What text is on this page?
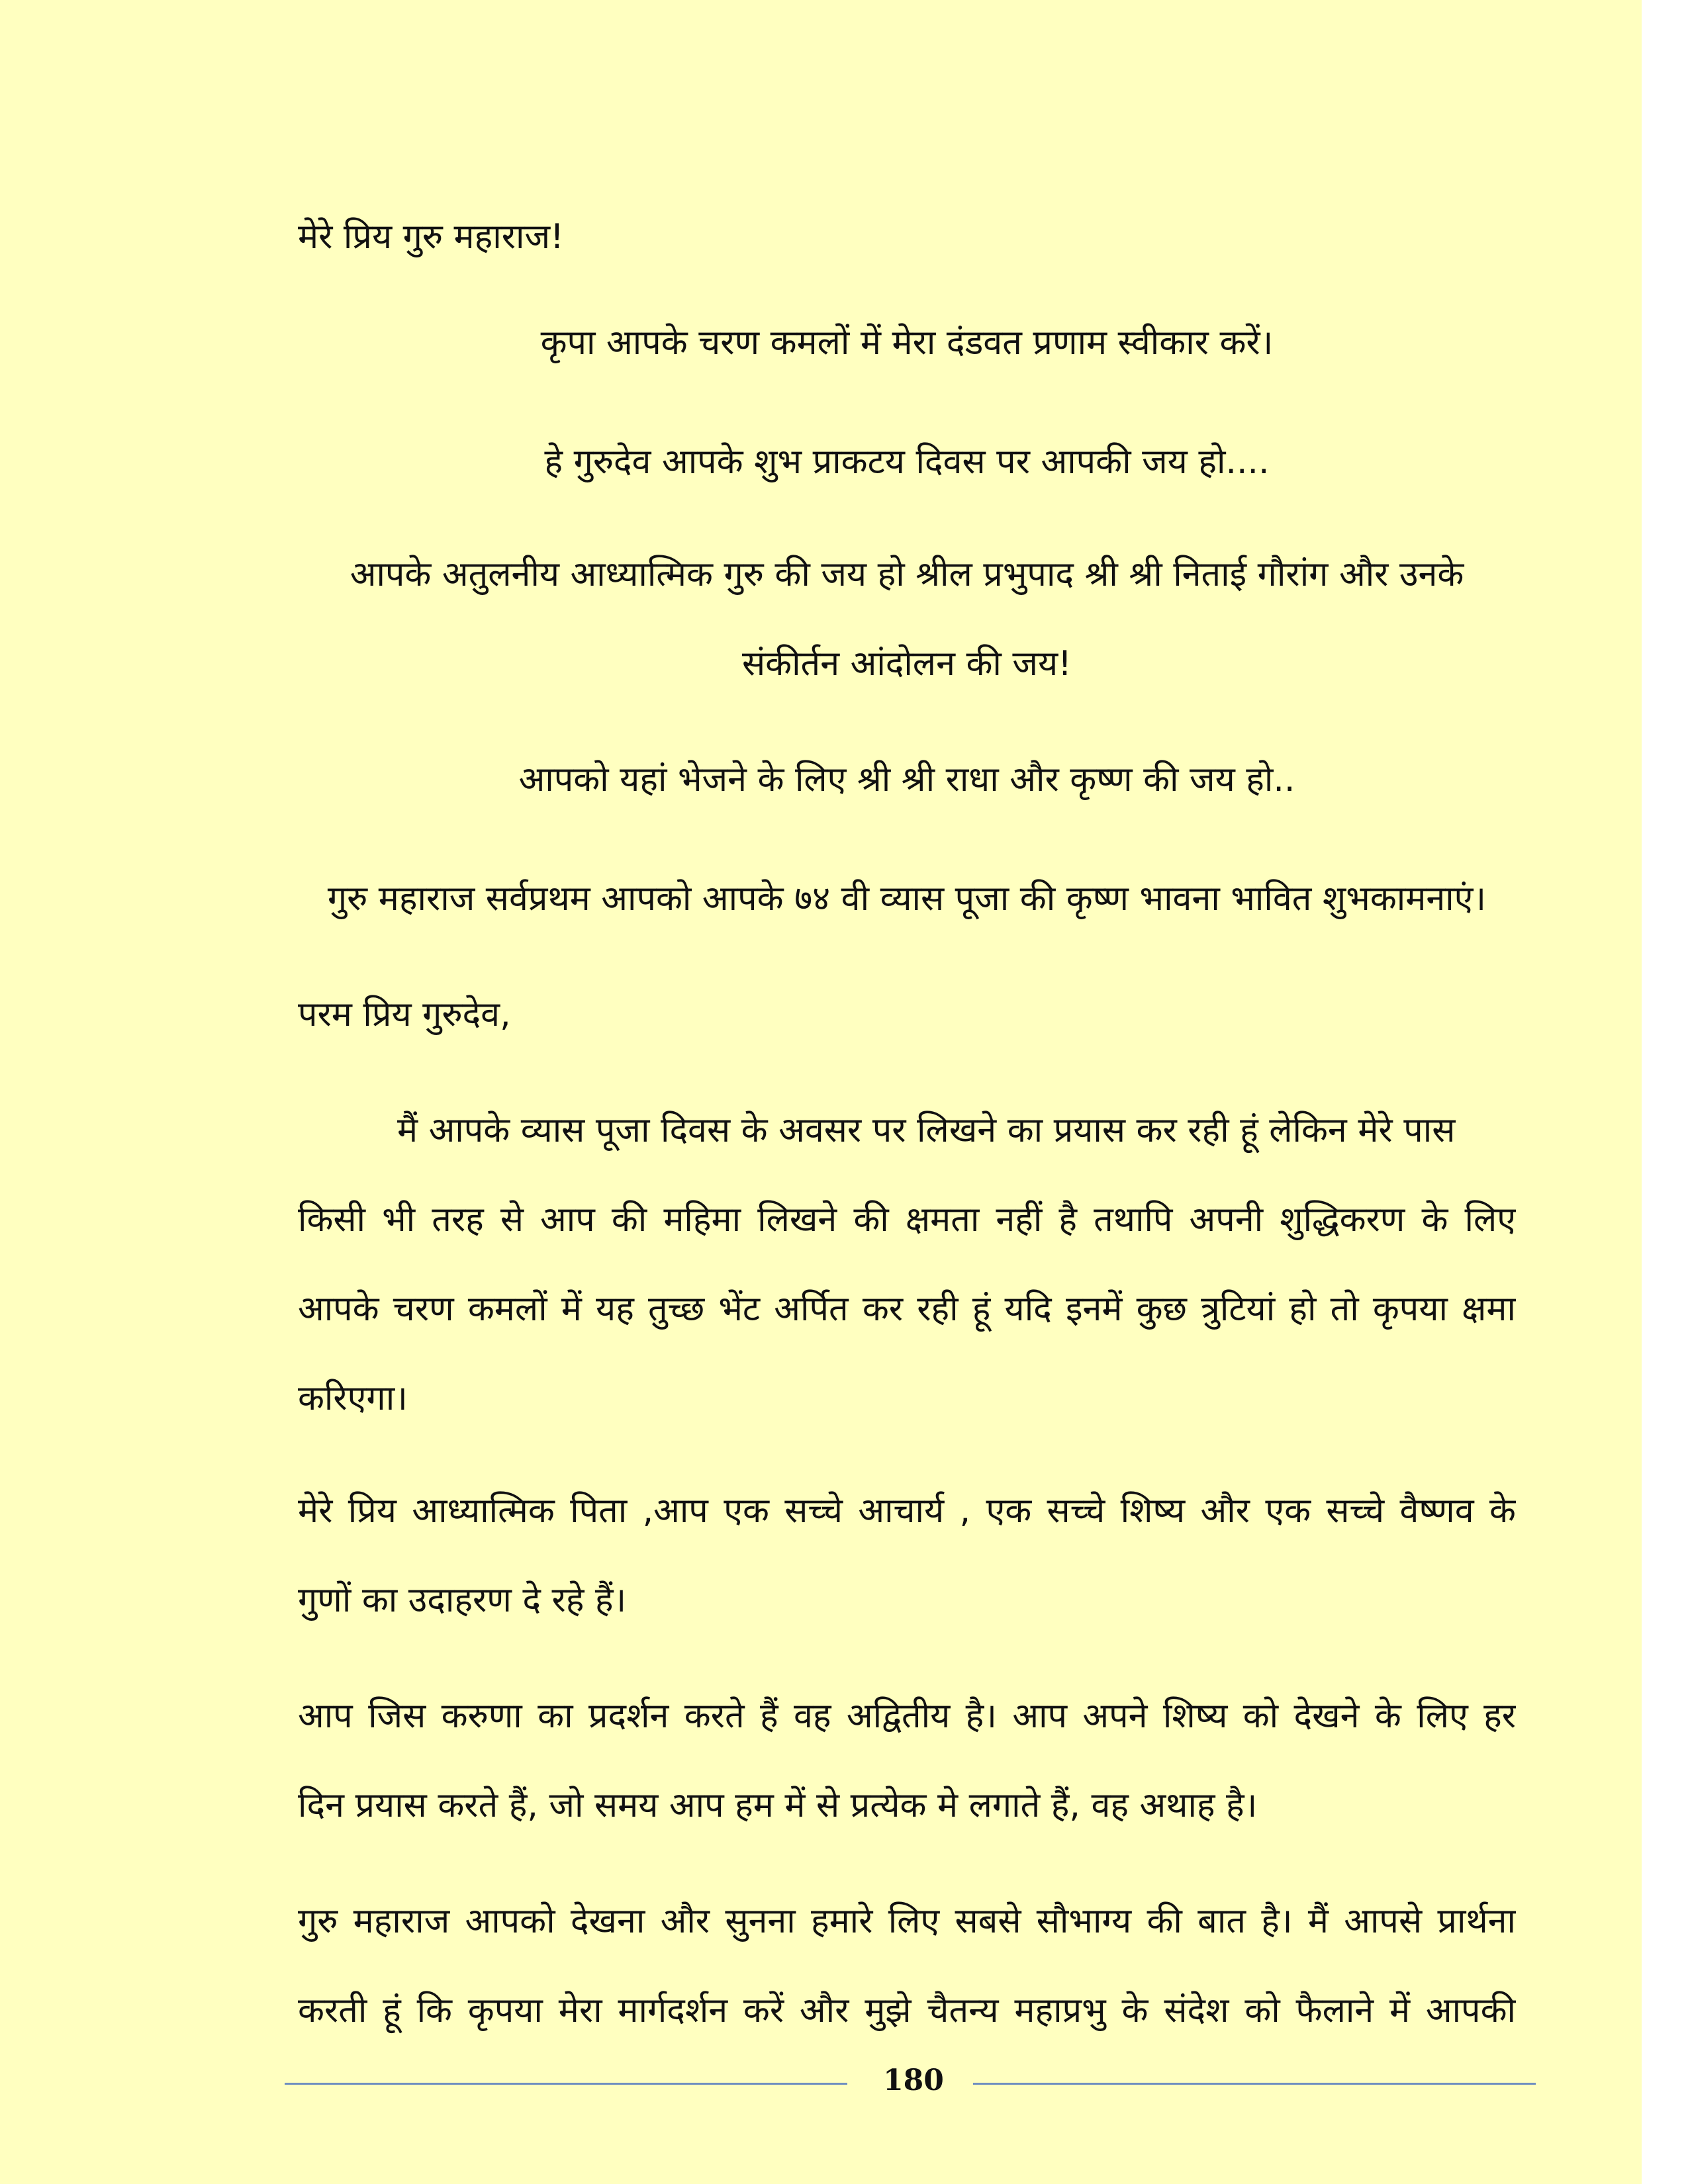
मेरे प्रिय गुरु महाराज!
कृपा आपके चरण कमलों में मेरा दंडवत प्रणाम स्वीकार करें।
हे गुरुदेव आपके शुभ प्राकटय दिवस पर आपकी जय हो....
आपके अतुलनीय आध्यात्मिक गुरु की जय हो श्रील प्रभुपाद श्री श्री निताई गौरांग और उनके
संकीर्तन आंदोलन की जय!
आपको यहां भेजने के लिए श्री श्री राधा और कृष्ण की जय हो..
गुरु महाराज सर्वप्रथम आपको आपके ७४ वी व्यास पूजा की कृष्ण भावना भावित शुभकामनाएं।
परम प्रिय गुरुदेव,
मैं आपके व्यास पूजा दिवस के अवसर पर लिखने का प्रयास कर रही हूं लेकिन मेरे पास
किसी भी तरह से आप की महिमा लिखने की क्षमता नहीं है तथापि अपनी शुद्धिकरण के लिए
आपके चरण कमलों में यह तुच्छ भेंट अर्पित कर रही हूं यदि इनमें कुछ त्रुटियां हो तो कृपया क्षमा
करिएगा।
मेरे प्रिय आध्यात्मिक पिता ,आप एक सच्चे आचार्य , एक सच्चे शिष्य और एक सच्चे वैष्णव के
गुणों का उदाहरण दे रहे हैं।
आप जिस करुणा का प्रदर्शन करते हैं वह अद्वितीय है। आप अपने शिष्य को देखने के लिए हर
दिन प्रयास करते हैं, जो समय आप हम में से प्रत्येक मे लगाते हैं, वह अथाह है।
गुरु महाराज आपको देखना और सुनना हमारे लिए सबसे सौभाग्य की बात है। मैं आपसे प्रार्थना
करती हूं कि कृपया मेरा मार्गदर्शन करें और मुझे चैतन्य महाप्रभु के संदेश को फैलाने में आपकी
180
